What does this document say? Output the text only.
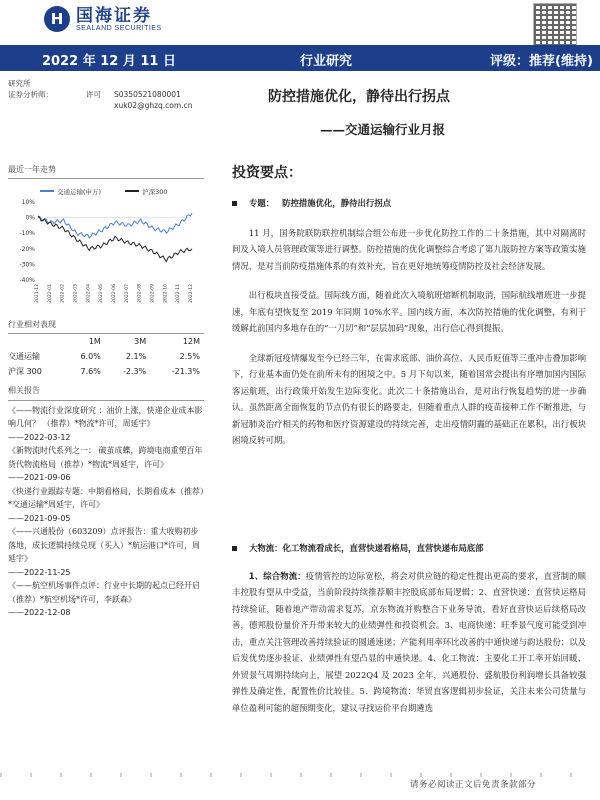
H 国海证券
SEALAND SECURITIES
2022 年 12 月 11 日	行业研究	评级：推荐(维持)
研究所
证券分析师：	许可	S0350521080001
xuk02@ghzq.com.cn
防控措施优化，静待出行拐点
——交通运输行业月报
最近一年走势
交通运输(申万)
	沪深300
10%
0%
-10%
-20%
-30%
-40%
2021-12 2022-01 2022-02 2022-03 2022-04 2022-05 2022-06 2022-07 2022-08 2022-09 2022-10 2022-11 2022-12
行业相对表现
	1M	3M	12M
交通运输	6.0%	2.1%	2.5%
沪深 300	7.6%	-2.3%	-21.3%
相关报告
《——物流行业深度研究 ：油价上涨，快递企业成本影响几何？ （推荐）*物流*许可，周延宇》
——2022-03-12
《新物流时代系列之一： 破茧成蝶，跨境电商重塑百年货代物流格局（推荐）*物流*周延宇，许可》
——2021-09-06
《快递行业跟踪专题：中期看格局，长期看成本（推荐）*交通运输*周延宇，许可》
——2021-09-05
《——兴通股份（603209）点评报告：重大收购初步落地，成长逻辑持续兑现（买入）*航运港口*许可，周延宇》
——2022-11-25
《——航空机场事件点评：行业中长期的起点已经开启（推荐）*航空机场*许可，李跃森》
——2022-12-08
投资要点：
专题： 防控措施优化，静待出行拐点

11 月，国务院联防联控机制综合组公布进一步优化防控工作的二十条措施，其中对隔离时间及入境人员管理政策等进行调整。防控措施的优化调整综合考虑了第九版防控方案等政策实施情况，是对当前防疫措施体系的有效补充，旨在更好地统筹疫情防控及社会经济发展。

出行板块直接受益。国际线方面，随着此次入境航班熔断机制取消，国际航线增班进一步提速，年底有望恢复至 2019 年同期 10%水平。国内线方面，本次防控措施的优化调整，有利于缓解此前国内多地存在的“一刀切”和“层层加码”现象，出行信心得到提振。

全球新冠疫情爆发至今已经三年，在需求底部、油价高位、人民币贬值等三重冲击叠加影响下，行业基本面仍处在前所未有的困境之中。5 月下旬以来，随着国常会提出有序增加国内国际客运航班，出行政策开始发生边际变化。此次二十条措施出台，是对出行恢复趋势的进一步确认。虽然距离全面恢复的节点仍有很长的路要走，但随着重点人群的疫苗接种工作不断推进，与新冠肺炎治疗相关的药物和医疗资源建设的持续完善，走出疫情阴霾的基础正在累积，出行板块困境反转可期。

大物流： 化工物流看成长，直营快递看格局，直营快递布局底部

1、综合物流：疫情管控的边际宽松，将会对供应链的稳定性提出更高的要求，直营制的顺丰控股有望从中受益，当前阶段持续推荐顺丰控股底部布局逻辑；2、直营快递：直营快运格局持续验证，随着地产带动需求复苏，京东物流并购整合下业务导流，看好直营快运后续格局改善，德邦股份量价齐升带来较大的业绩弹性和投资机会。3、电商快递：旺季景气度可能受到冲击，重点关注管理改善持续验证的圆通速递；产能利用率环比改善的中通快递与韵达股份；以及后发优势逐步验证、业绩弹性有望凸显的申通快递。4、化工物流：主要化工开工率开始回暖、外贸景气周期持续向上，展望 2022Q4 及 2023 全年，兴通股份、盛航股份利润增长具备较强弹性及确定性，配置性价比较佳。5、跨境物流：华贸直客逻辑初步验证，关注未来公司货量与单位盈利可能的超预期变化，建议寻找运价平台期遴选

请务必阅读正文后免责条款部分
